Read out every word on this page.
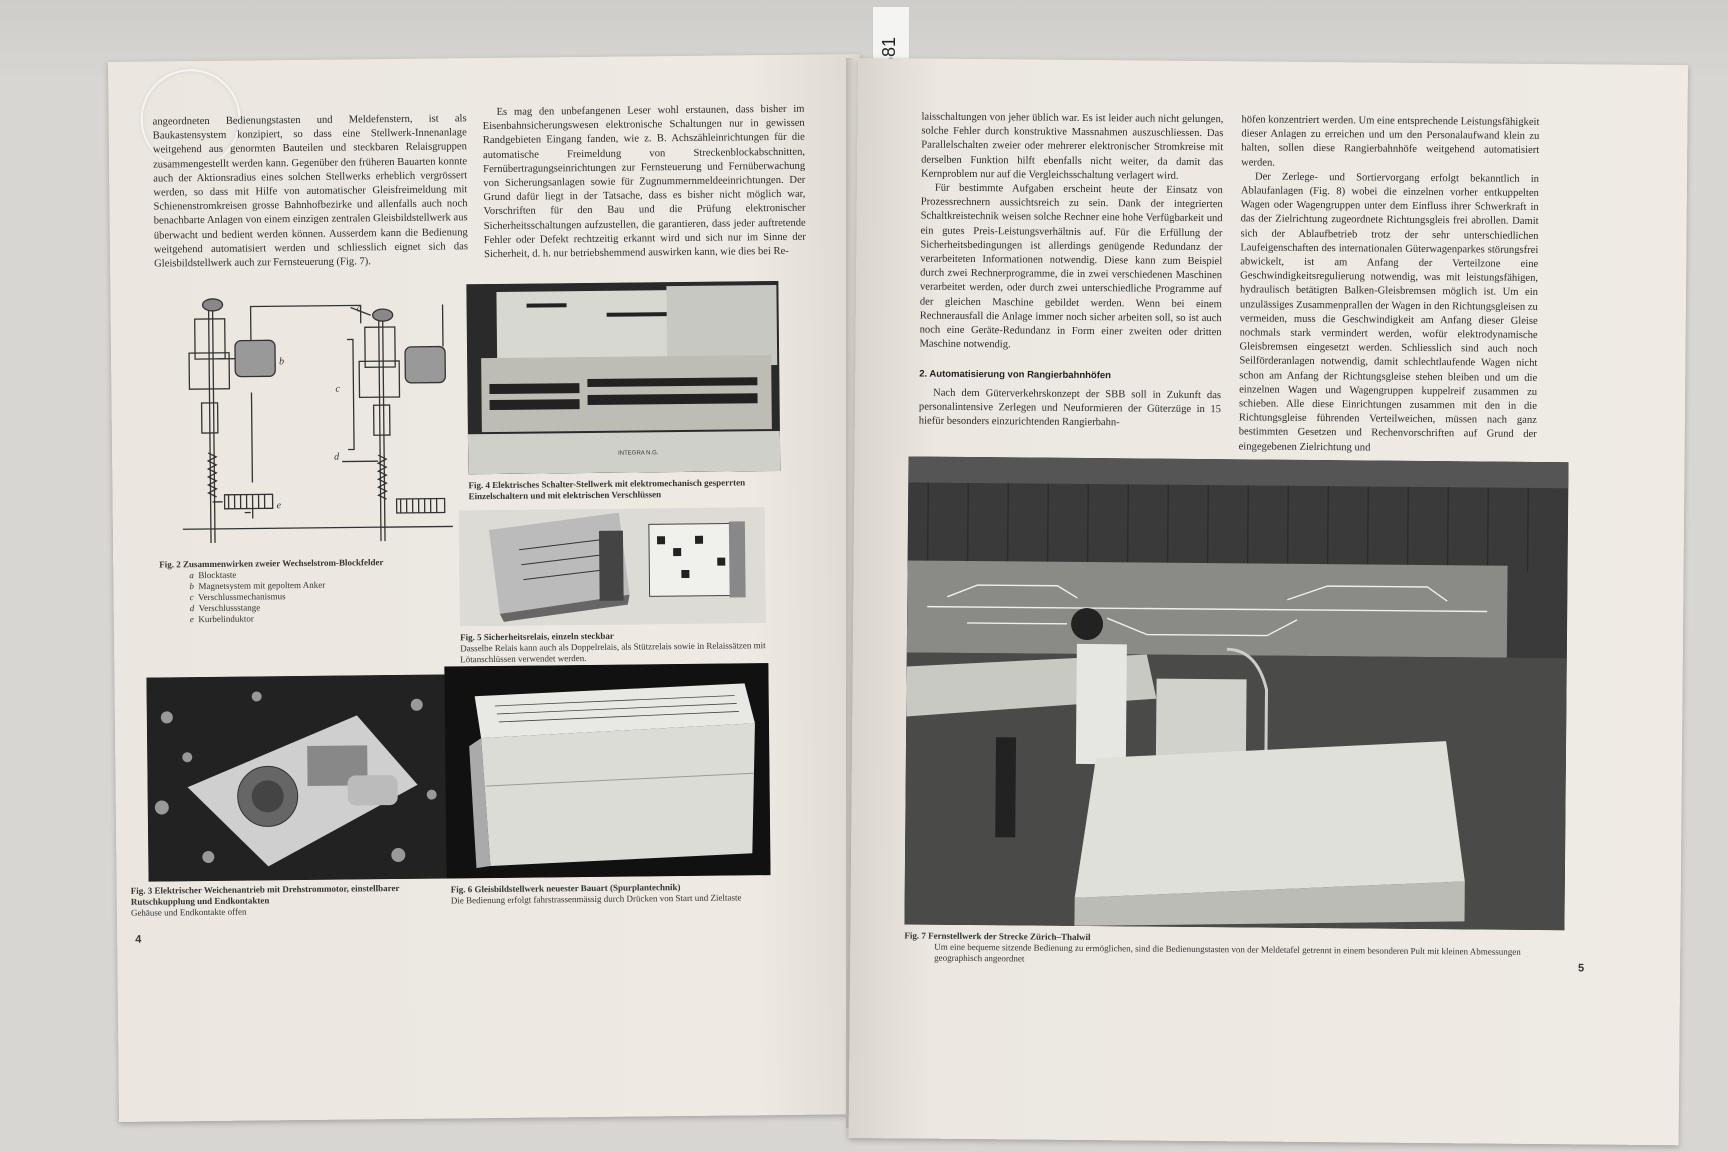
angeordneten Bedienungstasten und Meldefenstern, ist als Baukastensystem konzipiert, so dass eine Stellwerk-Innenanlage weitgehend aus genormten Bauteilen und steckbaren Relaisgruppen zusammengestellt werden kann. Gegenüber den früheren Bauarten konnte auch der Aktionsradius eines solchen Stellwerks erheblich vergrössert werden, so dass mit Hilfe von automatischer Gleisfreimeldung mit Schienenstromkreisen grosse Bahnhofbezirke und allenfalls auch noch benachbarte Anlagen von einem einzigen zentralen Gleisbildstellwerk aus überwacht und bedient werden können. Ausserdem kann die Bedienung weitgehend automatisiert werden und schliesslich eignet sich das Gleisbildstellwerk auch zur Fernsteuerung (Fig. 7).

Es mag den unbefangenen Leser wohl erstaunen, dass bisher im Eisenbahnsicherungswesen elektronische Schaltungen nur in gewissen Randgebieten Eingang fanden, wie z. B. Achszähleinrichtungen für die automatische Freimeldung von Streckenblockabschnitten, Fernübertragungseinrichtungen zur Fernsteuerung und Fernüberwachung von Sicherungsanlagen sowie für Zugnummernmeldeeinrichtungen. Der Grund dafür liegt in der Tatsache, dass es bisher nicht möglich war, Vorschriften für den Bau und die Prüfung elektronischer Sicherheitsschaltungen aufzustellen, die garantieren, dass jeder auftretende Fehler oder Defekt rechtzeitig erkannt wird und sich nur im Sinne der Sicherheit, d. h. nur betriebshemmend auswirken kann, wie dies bei Re-

b
a
c
d
e
Fig. 2 Zusammenwirken zweier Wechselstrom-Blockfelder
a Blocktaste
b Magnetsystem mit gepoltem Anker
c Verschlussmechanismus
d Verschlussstange
e Kurbelinduktor
INTEGRA N.G.
Fig. 4 Elektrisches Schalter-Stellwerk mit elektromechanisch gesperrten Einzelschaltern und mit elektrischen Verschlüssen
Fig. 5 Sicherheitsrelais, einzeln steckbar
Dasselbe Relais kann auch als Doppelrelais, als Stützrelais sowie in Relaissätzen mit Lötanschlüssen verwendet werden.
Fig. 3 Elektrischer Weichenantrieb mit Drehstrommotor, einstellbarer Rutschkupplung und Endkontakten
Gehäuse und Endkontakte offen
Fig. 6 Gleisbildstellwerk neuester Bauart (Spurplantechnik)
Die Bedienung erfolgt fahrstrassenmässig durch Drücken von Start und Zieltaste
4

laisschaltungen von jeher üblich war. Es ist leider auch nicht gelungen, solche Fehler durch konstruktive Massnahmen auszuschliessen. Das Parallelschalten zweier oder mehrerer elektronischer Stromkreise mit derselben Funktion hilft ebenfalls nicht weiter, da damit das Kernproblem nur auf die Vergleichsschaltung verlagert wird.

Für bestimmte Aufgaben erscheint heute der Einsatz von Prozessrechnern aussichtsreich zu sein. Dank der integrierten Schaltkreistechnik weisen solche Rechner eine hohe Verfügbarkeit und ein gutes Preis-Leistungsverhältnis auf. Für die Erfüllung der Sicherheitsbedingungen ist allerdings genügende Redundanz der verarbeiteten Informationen notwendig. Diese kann zum Beispiel durch zwei Rechnerprogramme, die in zwei verschiedenen Maschinen verarbeitet werden, oder durch zwei unterschiedliche Programme auf der gleichen Maschine gebildet werden. Wenn bei einem Rechnerausfall die Anlage immer noch sicher arbeiten soll, so ist auch noch eine Geräte-Redundanz in Form einer zweiten oder dritten Maschine notwendig.

2. Automatisierung von Rangierbahnhöfen

Nach dem Güterverkehrskonzept der SBB soll in Zukunft das personalintensive Zerlegen und Neuformieren der Güterzüge in 15 hiefür besonders einzurichtenden Rangierbahn-

höfen konzentriert werden. Um eine entsprechende Leistungsfähigkeit dieser Anlagen zu erreichen und um den Personalaufwand klein zu halten, sollen diese Rangierbahnhöfe weitgehend automatisiert werden.

Der Zerlege- und Sortiervorgang erfolgt bekanntlich in Ablaufanlagen (Fig. 8) wobei die einzelnen vorher entkuppelten Wagen oder Wagengruppen unter dem Einfluss ihrer Schwerkraft in das der Zielrichtung zugeordnete Richtungsgleis frei abrollen. Damit sich der Ablaufbetrieb trotz der sehr unterschiedlichen Laufeigenschaften des internationalen Güterwagenparkes störungsfrei abwickelt, ist am Anfang der Verteilzone eine Geschwindigkeitsregulierung notwendig, was mit leistungsfähigen, hydraulisch betätigten Balken-Gleisbremsen möglich ist. Um ein unzulässiges Zusammenprallen der Wagen in den Richtungsgleisen zu vermeiden, muss die Geschwindigkeit am Anfang dieser Gleise nochmals stark vermindert werden, wofür elektrodynamische Gleisbremsen eingesetzt werden. Schliesslich sind auch noch Seilförderanlagen notwendig, damit schlechtlaufende Wagen nicht schon am Anfang der Richtungsgleise stehen bleiben und um die einzelnen Wagen und Wagengruppen kuppelreif zusammen zu schieben. Alle diese Einrichtungen zusammen mit den in die Richtungsgleise führenden Verteilweichen, müssen nach ganz bestimmten Gesetzen und Rechenvorschriften auf Grund der eingegebenen Zielrichtung und

Fig. 7 Fernstellwerk der Strecke Zürich–Thalwil
Um eine bequeme sitzende Bedienung zu ermöglichen, sind die Bedienungstasten von der Meldetafel getrennt in einem besonderen Pult mit kleinen Abmessungen geographisch angeordnet
5
